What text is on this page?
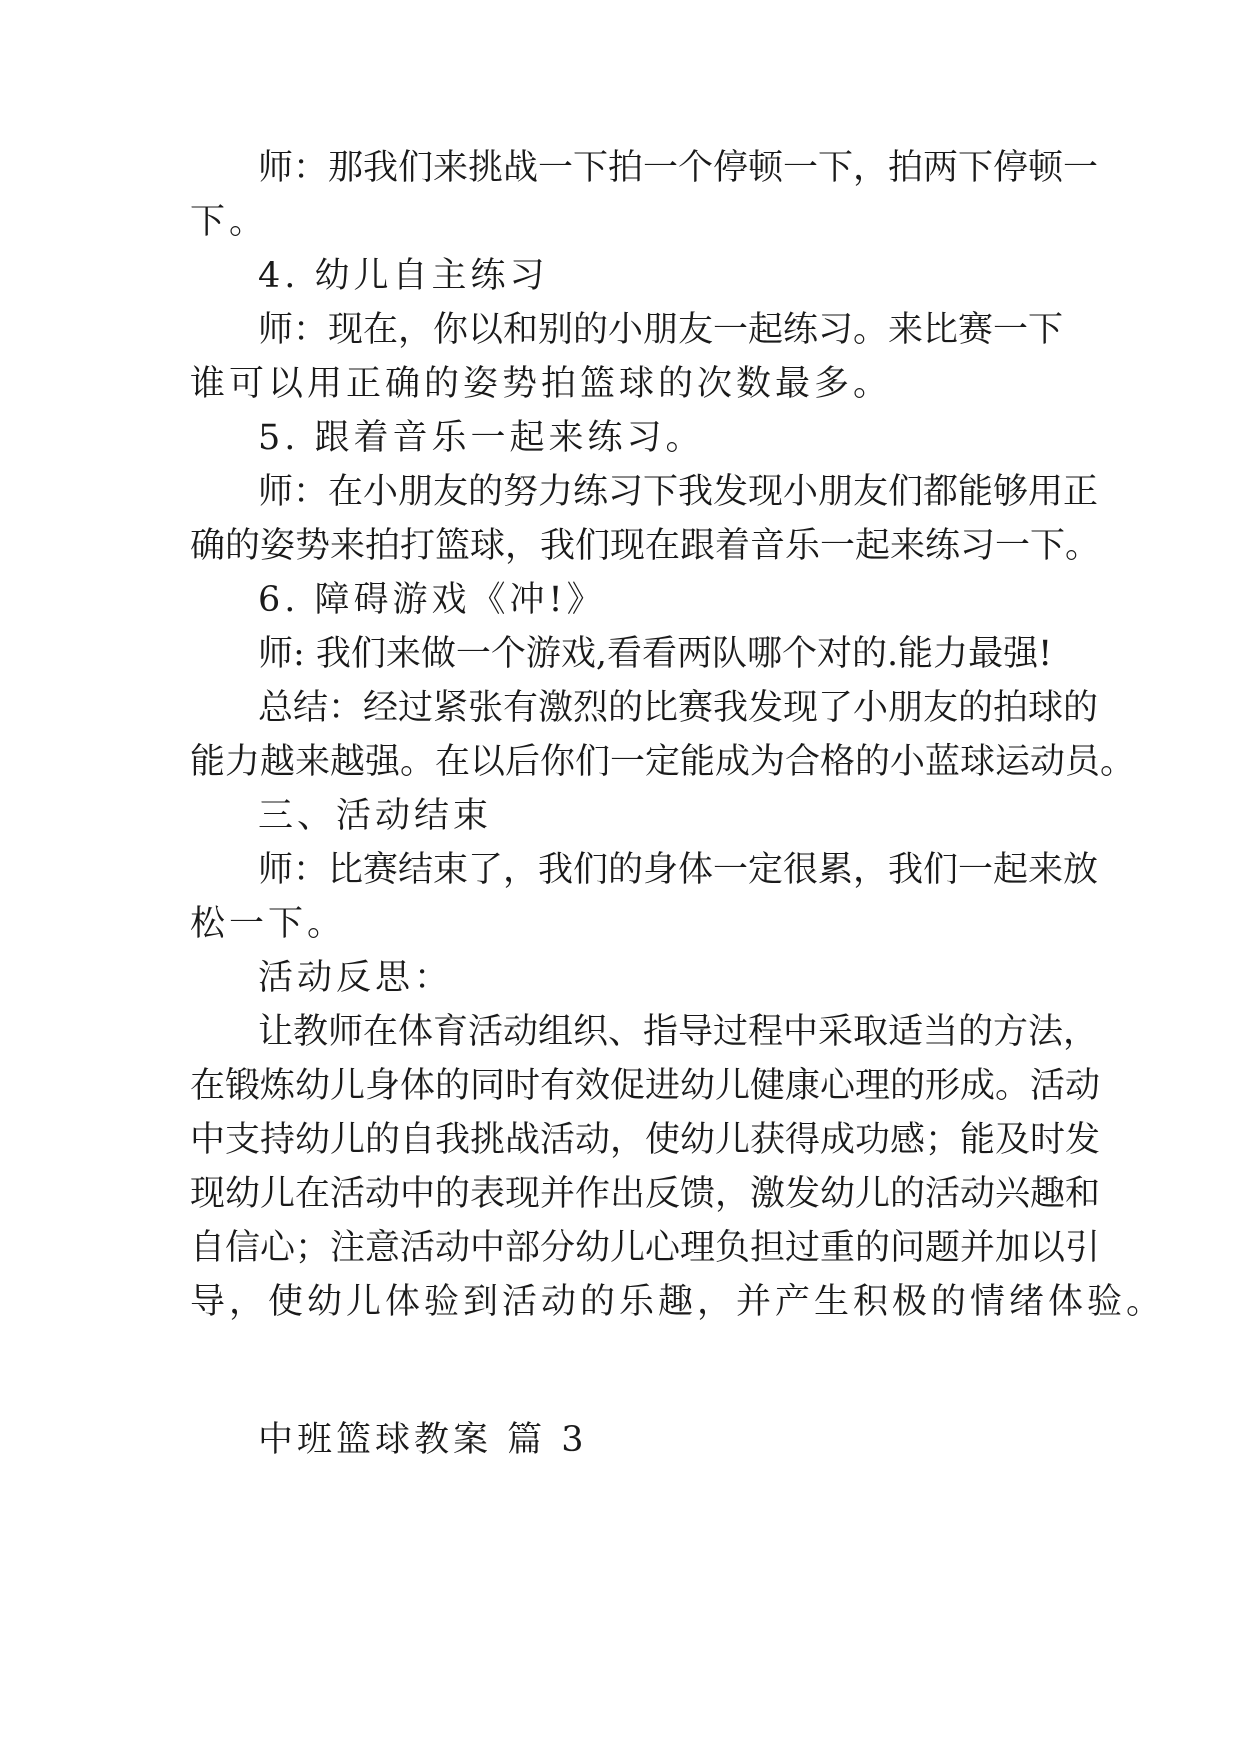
师：那我们来挑战一下拍一个停顿一下，拍两下停顿一
下。
4. 幼儿自主练习
师：现在，你以和别的小朋友一起练习。来比赛一下
谁可以用正确的姿势拍篮球的次数最多。
5. 跟着音乐一起来练习。
师：在小朋友的努力练习下我发现小朋友们都能够用正
确的姿势来拍打篮球，我们现在跟着音乐一起来练习一下。
6. 障碍游戏《冲!》
师: 我们来做一个游戏,看看两队哪个对的.能力最强!
总结：经过紧张有激烈的比赛我发现了小朋友的拍球的
能力越来越强。在以后你们一定能成为合格的小蓝球运动员。
三、活动结束
师：比赛结束了，我们的身体一定很累，我们一起来放
松一下。
活动反思：
让教师在体育活动组织、指导过程中采取适当的方法，
在锻炼幼儿身体的同时有效促进幼儿健康心理的形成。活动
中支持幼儿的自我挑战活动，使幼儿获得成功感；能及时发
现幼儿在活动中的表现并作出反馈，激发幼儿的活动兴趣和
自信心；注意活动中部分幼儿心理负担过重的问题并加以引
导，使幼儿体验到活动的乐趣，并产生积极的情绪体验。
中班篮球教案 篇 3
